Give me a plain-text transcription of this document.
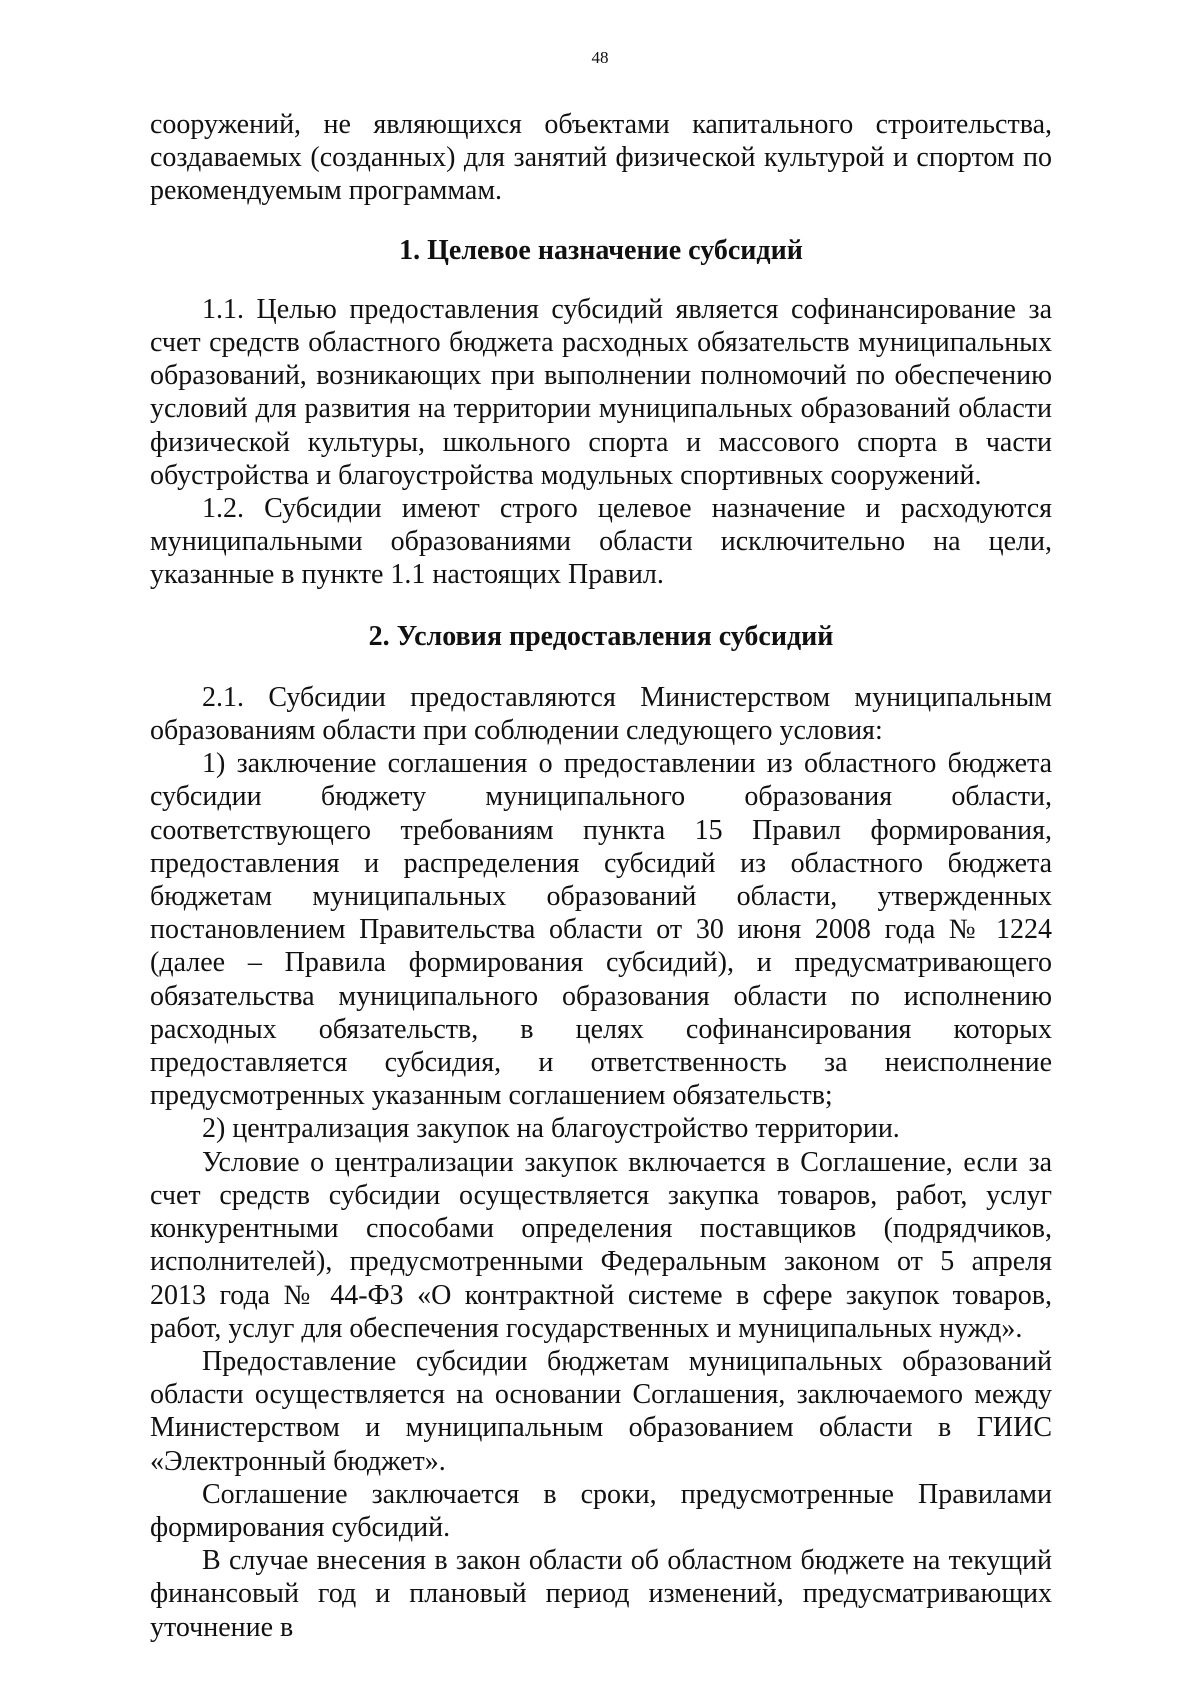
48

сооружений, не являющихся объектами капитального строительства, создаваемых (созданных) для занятий физической культурой и спортом по рекомендуемым программам.

1. Целевое назначение субсидий

1.1. Целью предоставления субсидий является софинансирование за счет средств областного бюджета расходных обязательств муниципальных образований, возникающих при выполнении полномочий по обеспечению условий для развития на территории муниципальных образований области физической культуры, школьного спорта и массового спорта в части обустройства и благоустройства модульных спортивных сооружений.

1.2. Субсидии имеют строго целевое назначение и расходуются муниципальными образованиями области исключительно на цели, указанные в пункте 1.1 настоящих Правил.

2. Условия предоставления субсидий

2.1. Субсидии предоставляются Министерством муниципальным образованиям области при соблюдении следующего условия:

1) заключение соглашения о предоставлении из областного бюджета субсидии бюджету муниципального образования области, соответствующего требованиям пункта 15 Правил формирования, предоставления и распределения субсидий из областного бюджета бюджетам муниципальных образований области, утвержденных постановлением Правительства области от 30 июня 2008 года № 1224 (далее – Правила формирования субсидий), и предусматривающего обязательства муниципального образования области по исполнению расходных обязательств, в целях софинансирования которых предоставляется субсидия, и ответственность за неисполнение предусмотренных указанным соглашением обязательств;

2) централизация закупок на благоустройство территории.

Условие о централизации закупок включается в Соглашение, если за счет средств субсидии осуществляется закупка товаров, работ, услуг конкурентными способами определения поставщиков (подрядчиков, исполнителей), предусмотренными Федеральным законом от 5 апреля 2013 года № 44-ФЗ «О контрактной системе в сфере закупок товаров, работ, услуг для обеспечения государственных и муниципальных нужд».

Предоставление субсидии бюджетам муниципальных образований области осуществляется на основании Соглашения, заключаемого между Министерством и муниципальным образованием области в ГИИС «Электронный бюджет».

Соглашение заключается в сроки, предусмотренные Правилами формирования субсидий.

В случае внесения в закон области об областном бюджете на текущий финансовый год и плановый период изменений, предусматривающих уточнение в
